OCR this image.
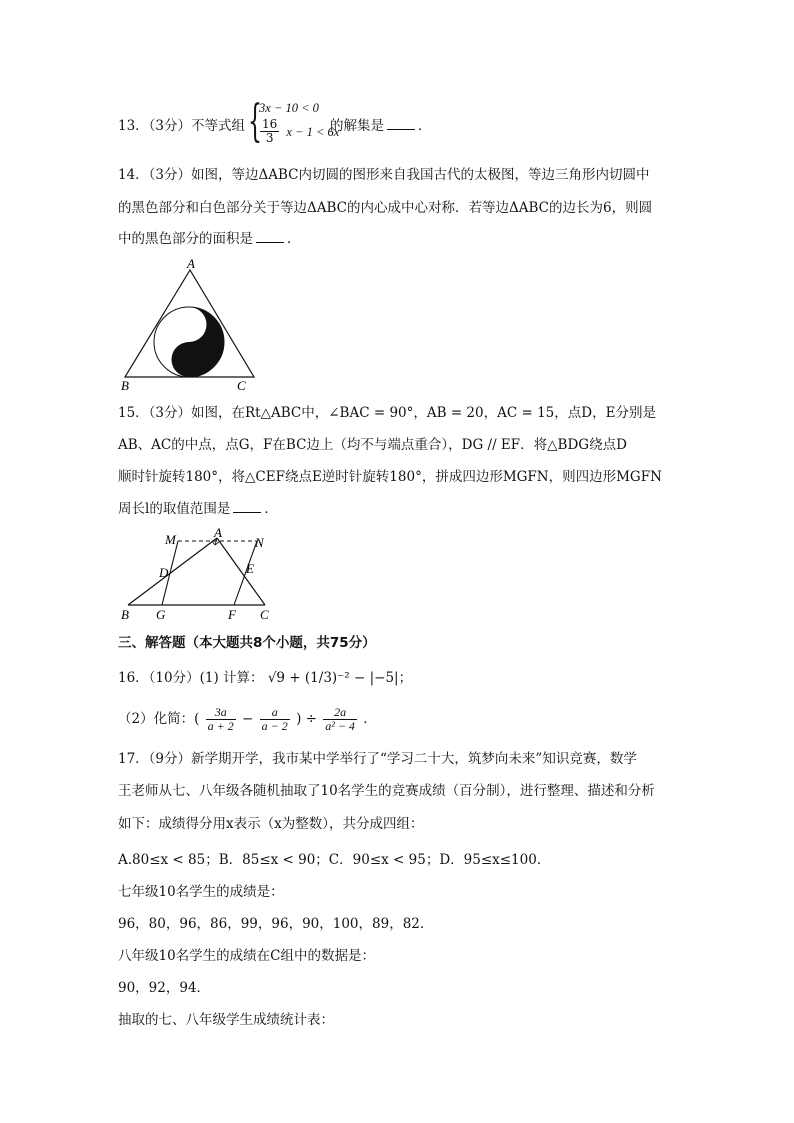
13．（3分）不等式组 {
3x − 10 < 0
$\frac{16}{3}$ x − 1 < 6x
的解集是	．
14．（3分）如图，等边ΔABC内切圆的图形来自我国古代的太极图，等边三角形内切圆中
的黑色部分和白色部分关于等边ΔABC的内心成中心对称．若等边ΔABC的边长为6，则圆
中的黑色部分的面积是	．
A
B	C
15．（3分）如图，在Rt△ABC中，∠BAC = 90°，AB = 20，AC = 15，点D，E分别是
AB、AC的中点，点G，F在BC边上（均不与端点重合），DG // EF．将△BDG绕点D
顺时针旋转180°，将△CEF绕点E逆时针旋转180°，拼成四边形MGFN，则四边形MGFN
周长l的取值范围是	．
M	A
N
D	E
B G	F C
三、解答题（本大题共8个小题，共75分）
16．（10分）(1) 计算： √9 + (1/3)⁻² − |−5|；
（2）化简：( $\frac{3a}{a + 2} - \frac{a}{a - 2}$ ) ÷ $\frac{2a}{\text{a² − 4}}$ ．
17．（9分）新学期开学，我市某中学举行了“学习二十大，筑梦向未来”知识竞赛，数学
王老师从七、八年级各随机抽取了10名学生的竞赛成绩（百分制），进行整理、描述和分析
如下：成绩得分用x表示（x为整数），共分成四组：
A.80≤x < 85；B．85≤x < 90；C．90≤x < 95；D．95≤x≤100．
七年级10名学生的成绩是：
96，80，96，86，99，96，90，100，89，82．
八年级10名学生的成绩在C组中的数据是：
90，92，94．
抽取的七、八年级学生成绩统计表：
